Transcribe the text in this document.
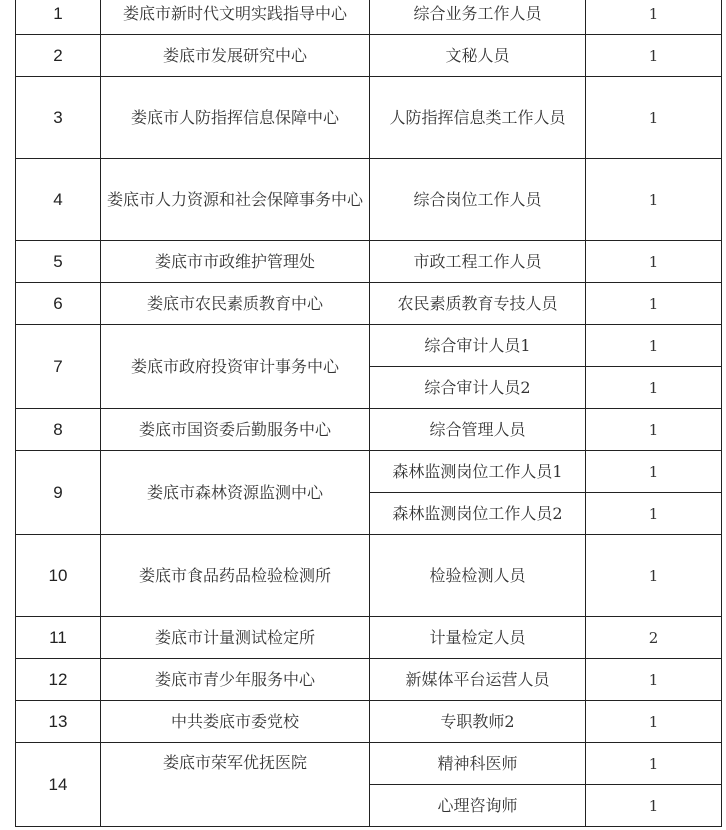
1	娄底市新时代文明实践指导中心	综合业务工作人员	1
2	娄底市发展研究中心	文秘人员	1
3	娄底市人防指挥信息保障中心	人防指挥信息类工作人员	1
4	娄底市人力资源和社会保障事务中心	综合岗位工作人员	1
5	娄底市市政维护管理处	市政工程工作人员	1
6	娄底市农民素质教育中心	农民素质教育专技人员	1
7	娄底市政府投资审计事务中心	综合审计人员1	1
		综合审计人员2	1
8	娄底市国资委后勤服务中心	综合管理人员	1
9	娄底市森林资源监测中心	森林监测岗位工作人员1	1
		森林监测岗位工作人员2	1
10	娄底市食品药品检验检测所	检验检测人员	1
11	娄底市计量测试检定所	计量检定人员	2
12	娄底市青少年服务中心	新媒体平台运营人员	1
13	中共娄底市委党校	专职教师2	1
14	娄底市荣军优抚医院	精神科医师	1
		心理咨询师	1
